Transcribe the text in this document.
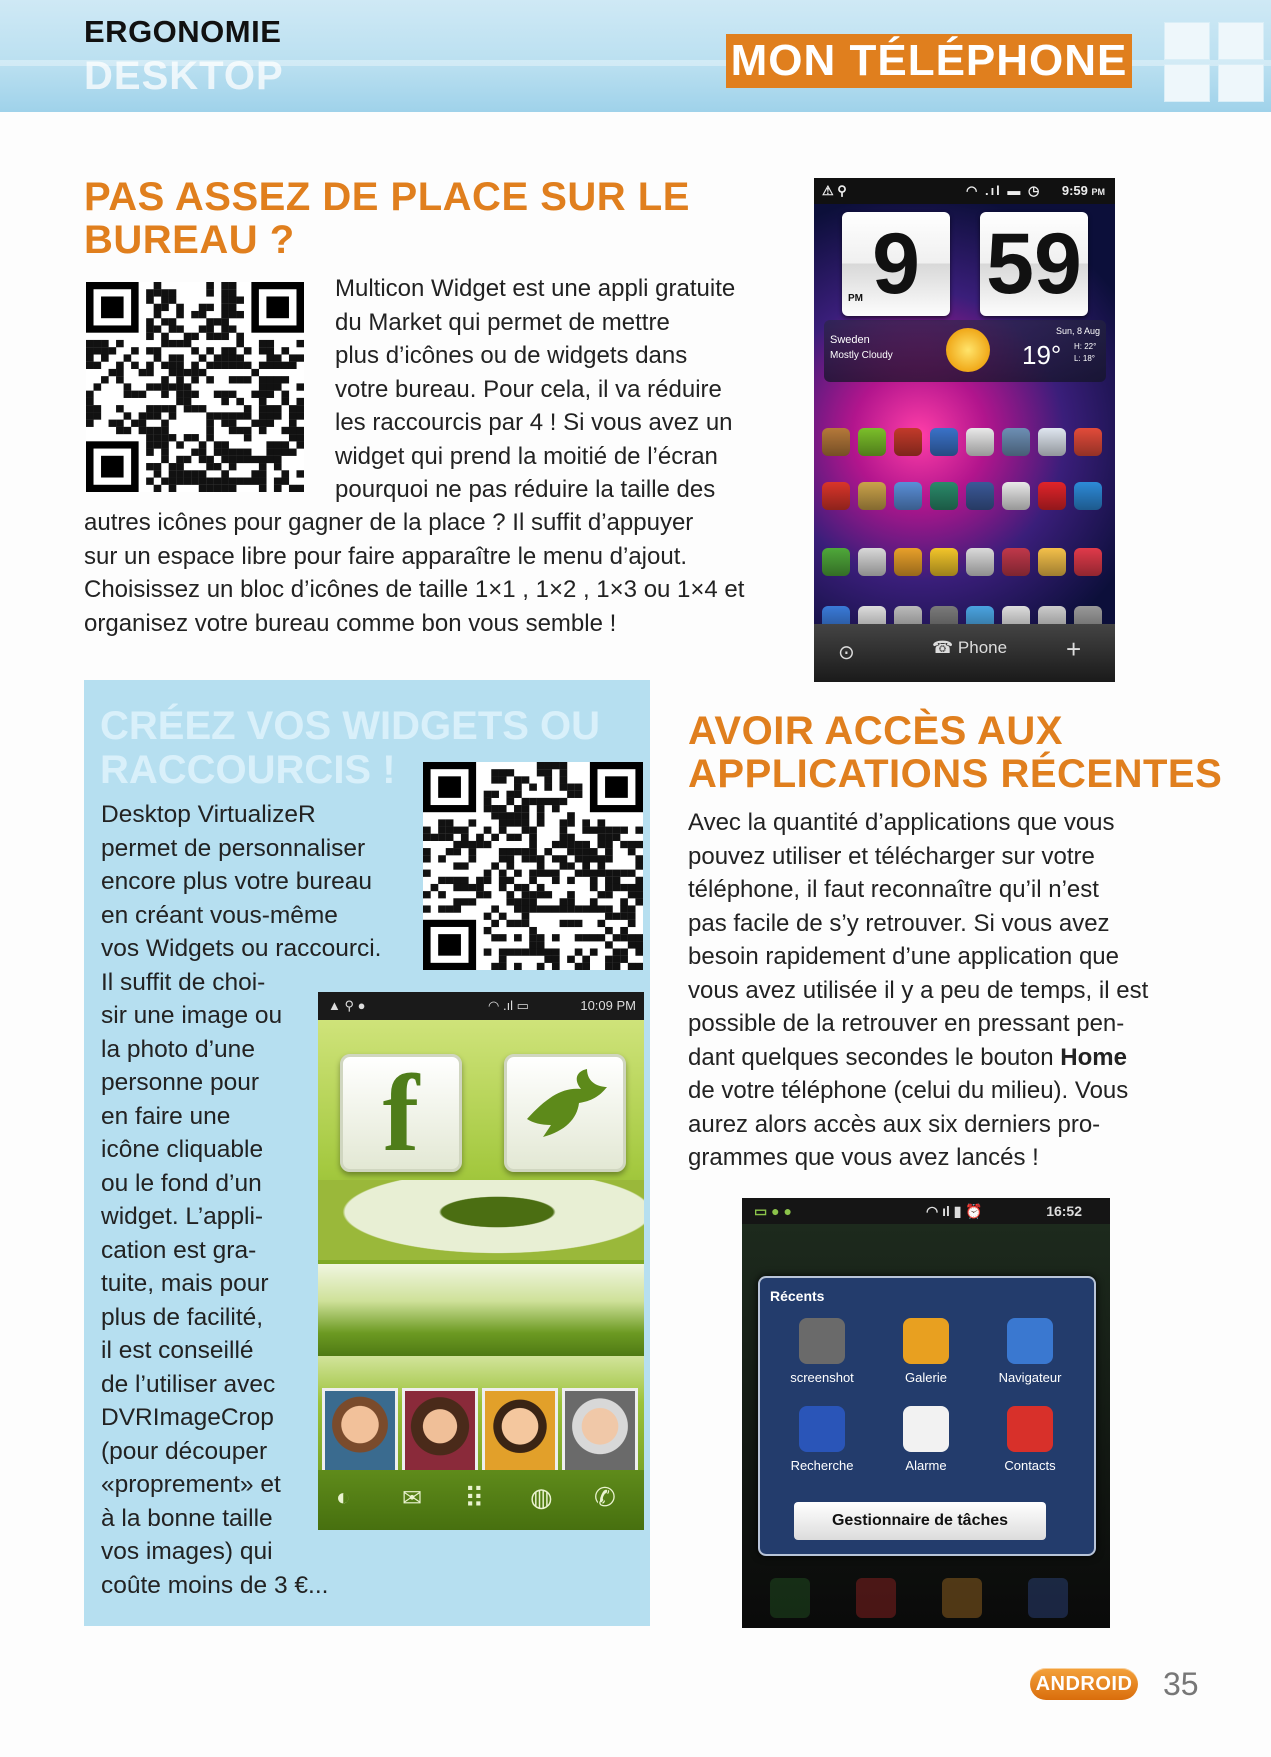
ERGONOMIE
DESKTOP	MON TÉLÉPHONE
PAS ASSEZ DE PLACE SUR LE
BUREAU ?
Multicon Widget est une appli gratuite
du Market qui permet de mettre
plus d’icônes ou de widgets dans
votre bureau. Pour cela, il va réduire
les raccourcis par 4 ! Si vous avez un
widget qui prend la moitié de l’écran
pourquoi ne pas réduire la taille des
autres icônes pour gagner de la place ? Il suffit d’appuyer
sur un espace libre pour faire apparaître le menu d’ajout.
Choisissez un bloc d’icônes de taille 1×1 , 1×2 , 1×3 ou 1×4 et
organisez votre bureau comme bon vous semble !
⚠ ⚲	◠ .ıl ▬ ◷ 9:59 PM
9
PM 59
Sweden
Mostly Cloudy
Sun, 8 Aug
19° H: 22°
L: 18°
⊙	☎ Phone +
CRÉEZ VOS WIDGETS OU
RACCOURCIS !
Desktop VirtualizeR
permet de personnaliser
encore plus votre bureau
en créant vous-même
vos Widgets ou raccourci.
Il suffit de choi-
sir une image ou
la photo d’une
personne pour
en faire une
icône cliquable
ou le fond d’un
widget. L’appli-
cation est gra-
tuite, mais pour
plus de facilité,
il est conseillé
de l’utiliser avec
DVRImageCrop
(pour découper
«proprement» et
à la bonne taille
vos images) qui
coûte moins de 3 €...
▲ ⚲ ●	◠ .ıl ▭	10:09 PM
f
◐ ✉ ⠿ ◍ ✆
AVOIR ACCÈS AUX
APPLICATIONS RÉCENTES
Avec la quantité d’applications que vous
pouvez utiliser et télécharger sur votre
téléphone, il faut reconnaître qu’il n’est
pas facile de s’y retrouver. Si vous avez
besoin rapidement d’une application que
vous avez utilisée il y a peu de temps, il est
possible de la retrouver en pressant pen-
dant quelques secondes le bouton Home
de votre téléphone (celui du milieu). Vous
aurez alors accès aux six derniers pro-
grammes que vous avez lancés !
▭ ● ●	◠ ıl ▮ ⏰	16:52
Récents
screenshot	Galerie	Navigateur
Recherche	Alarme	Contacts
Gestionnaire de tâches
ANDROID 35
